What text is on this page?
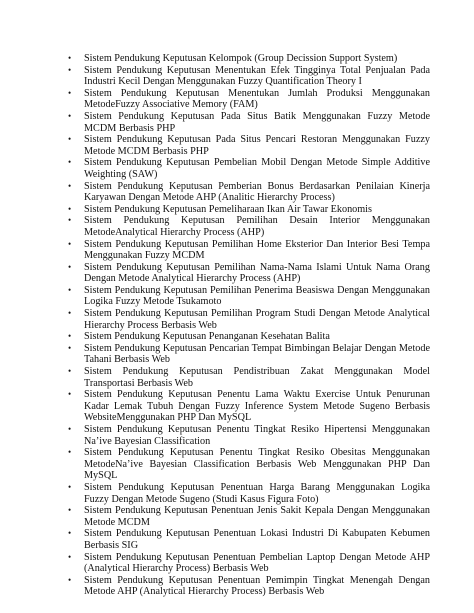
• Sistem Pendukung Keputusan Kelompok (Group Decission Support System)
• Sistem Pendukung Keputusan Menentukan Efek Tingginya Total Penjualan Pada Industri Kecil Dengan Menggunakan Fuzzy Quantification Theory I
• Sistem Pendukung Keputusan Menentukan Jumlah Produksi Menggunakan MetodeFuzzy Associative Memory (FAM)
• Sistem Pendukung Keputusan Pada Situs Batik Menggunakan Fuzzy Metode MCDM Berbasis PHP
• Sistem Pendukung Keputusan Pada Situs Pencari Restoran Menggunakan Fuzzy Metode MCDM Berbasis PHP
• Sistem Pendukung Keputusan Pembelian Mobil Dengan Metode Simple Additive Weighting (SAW)
• Sistem Pendukung Keputusan Pemberian Bonus Berdasarkan Penilaian Kinerja Karyawan Dengan Metode AHP (Analitic Hierarchy Process)
• Sistem Pendukung Keputusan Pemeliharaan Ikan Air Tawar Ekonomis
• Sistem Pendukung Keputusan Pemilihan Desain Interior Menggunakan MetodeAnalytical Hierarchy Process (AHP)
• Sistem Pendukung Keputusan Pemilihan Home Eksterior Dan Interior Besi Tempa Menggunakan Fuzzy MCDM
• Sistem Pendukung Keputusan Pemilihan Nama-Nama Islami Untuk Nama Orang Dengan Metode Analytical Hierarchy Process (AHP)
• Sistem Pendukung Keputusan Pemilihan Penerima Beasiswa Dengan Menggunakan Logika Fuzzy Metode Tsukamoto
• Sistem Pendukung Keputusan Pemilihan Program Studi Dengan Metode Analytical Hierarchy Process Berbasis Web
• Sistem Pendukung Keputusan Penanganan Kesehatan Balita
• Sistem Pendukung Keputusan Pencarian Tempat Bimbingan Belajar Dengan Metode Tahani Berbasis Web
• Sistem Pendukung Keputusan Pendistribuan Zakat Menggunakan Model Transportasi Berbasis Web
• Sistem Pendukung Keputusan Penentu Lama Waktu Exercise Untuk Penurunan Kadar Lemak Tubuh Dengan Fuzzy Inference System Metode Sugeno Berbasis WebsiteMenggunakan PHP Dan MySQL
• Sistem Pendukung Keputusan Penentu Tingkat Resiko Hipertensi Menggunakan Na’ive Bayesian Classification
• Sistem Pendukung Keputusan Penentu Tingkat Resiko Obesitas Menggunakan MetodeNa’ive Bayesian Classification Berbasis Web Menggunakan PHP Dan MySQL
• Sistem Pendukung Keputusan Penentuan Harga Barang Menggunakan Logika Fuzzy Dengan Metode Sugeno (Studi Kasus Figura Foto)
• Sistem Pendukung Keputusan Penentuan Jenis Sakit Kepala Dengan Menggunakan Metode MCDM
• Sistem Pendukung Keputusan Penentuan Lokasi Industri Di Kabupaten Kebumen Berbasis SIG
• Sistem Pendukung Keputusan Penentuan Pembelian Laptop Dengan Metode AHP (Analytical Hierarchy Process) Berbasis Web
• Sistem Pendukung Keputusan Penentuan Pemimpin Tingkat Menengah Dengan Metode AHP (Analytical Hierarchy Process) Berbasis Web
